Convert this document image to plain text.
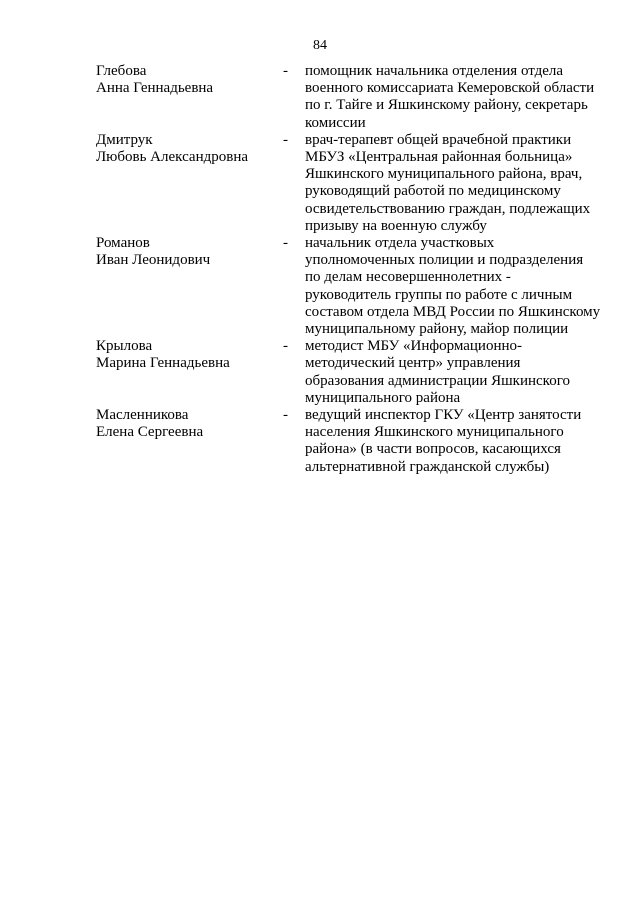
84
Глебова
Анна Геннадьевна
-	помощник начальника отделения отдела
военного комиссариата Кемеровской области
по г. Тайге и Яшкинскому району, секретарь
комиссии
Дмитрук
Любовь Александровна
-	врач-терапевт общей врачебной практики
МБУЗ «Центральная районная больница»
Яшкинского муниципального района, врач,
руководящий работой по медицинскому
освидетельствованию граждан, подлежащих
призыву на военную службу
Романов
Иван Леонидович
-	начальник отдела участковых
уполномоченных полиции и подразделения
по делам несовершеннолетних -
руководитель группы по работе с личным
составом отдела МВД России по Яшкинскому
муниципальному району, майор полиции
Крылова
Марина Геннадьевна
-	методист МБУ «Информационно-
методический центр» управления
образования администрации Яшкинского
муниципального района
Масленникова
Елена Сергеевна
-	ведущий инспектор ГКУ «Центр занятости
населения Яшкинского муниципального
района» (в части вопросов, касающихся
альтернативной гражданской службы)
